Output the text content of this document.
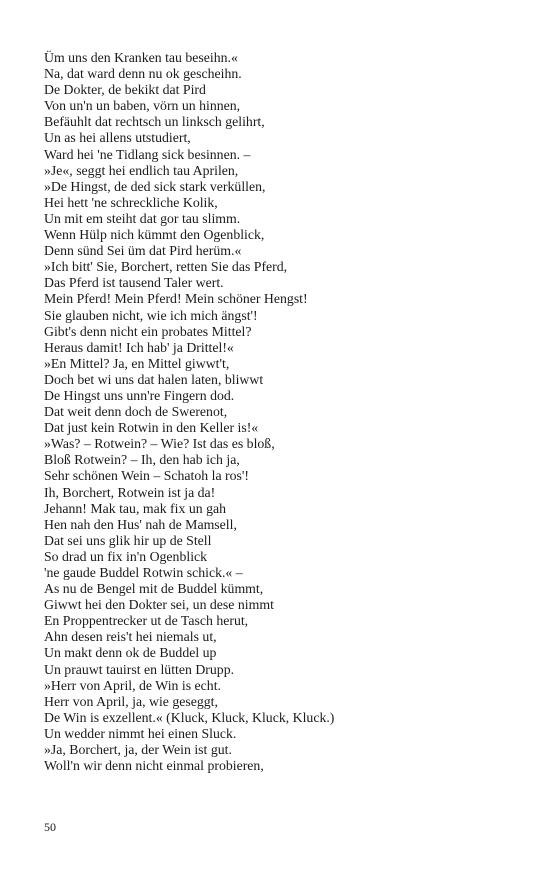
Üm uns den Kranken tau beseihn.«
Na, dat ward denn nu ok gescheihn.
De Dokter, de bekikt dat Pird
Von un'n un baben, vörn un hinnen,
Befäuhlt dat rechtsch un linksch gelihrt,
Un as hei allens utstudiert,
Ward hei 'ne Tidlang sick besinnen. –
»Je«, seggt hei endlich tau Aprilen,
»De Hingst, de ded sick stark verküllen,
Hei hett 'ne schreckliche Kolik,
Un mit em steiht dat gor tau slimm.
Wenn Hülp nich kümmt den Ogenblick,
Denn sünd Sei üm dat Pird herüm.«
»Ich bitt' Sie, Borchert, retten Sie das Pferd,
Das Pferd ist tausend Taler wert.
Mein Pferd! Mein Pferd! Mein schöner Hengst!
Sie glauben nicht, wie ich mich ängst'!
Gibt's denn nicht ein probates Mittel?
Heraus damit! Ich hab' ja Drittel!«
»En Mittel? Ja, en Mittel giwwt't,
Doch bet wi uns dat halen laten, bliwwt
De Hingst uns unn're Fingern dod.
Dat weit denn doch de Swerenot,
Dat just kein Rotwin in den Keller is!«
»Was? – Rotwein? – Wie? Ist das es bloß,
Bloß Rotwein? – Ih, den hab ich ja,
Sehr schönen Wein – Schatoh la ros'!
Ih, Borchert, Rotwein ist ja da!
Jehann! Mak tau, mak fix un gah
Hen nah den Hus' nah de Mamsell,
Dat sei uns glik hir up de Stell
So drad un fix in'n Ogenblick
'ne gaude Buddel Rotwin schick.« –
As nu de Bengel mit de Buddel kümmt,
Giwwt hei den Dokter sei, un dese nimmt
En Proppentrecker ut de Tasch herut,
Ahn desen reis't hei niemals ut,
Un makt denn ok de Buddel up
Un prauwt tauirst en lütten Drupp.
»Herr von April, de Win is echt.
Herr von April, ja, wie geseggt,
De Win is exzellent.« (Kluck, Kluck, Kluck, Kluck.)
Un wedder nimmt hei einen Sluck.
»Ja, Borchert, ja, der Wein ist gut.
Woll'n wir denn nicht einmal probieren,
50
